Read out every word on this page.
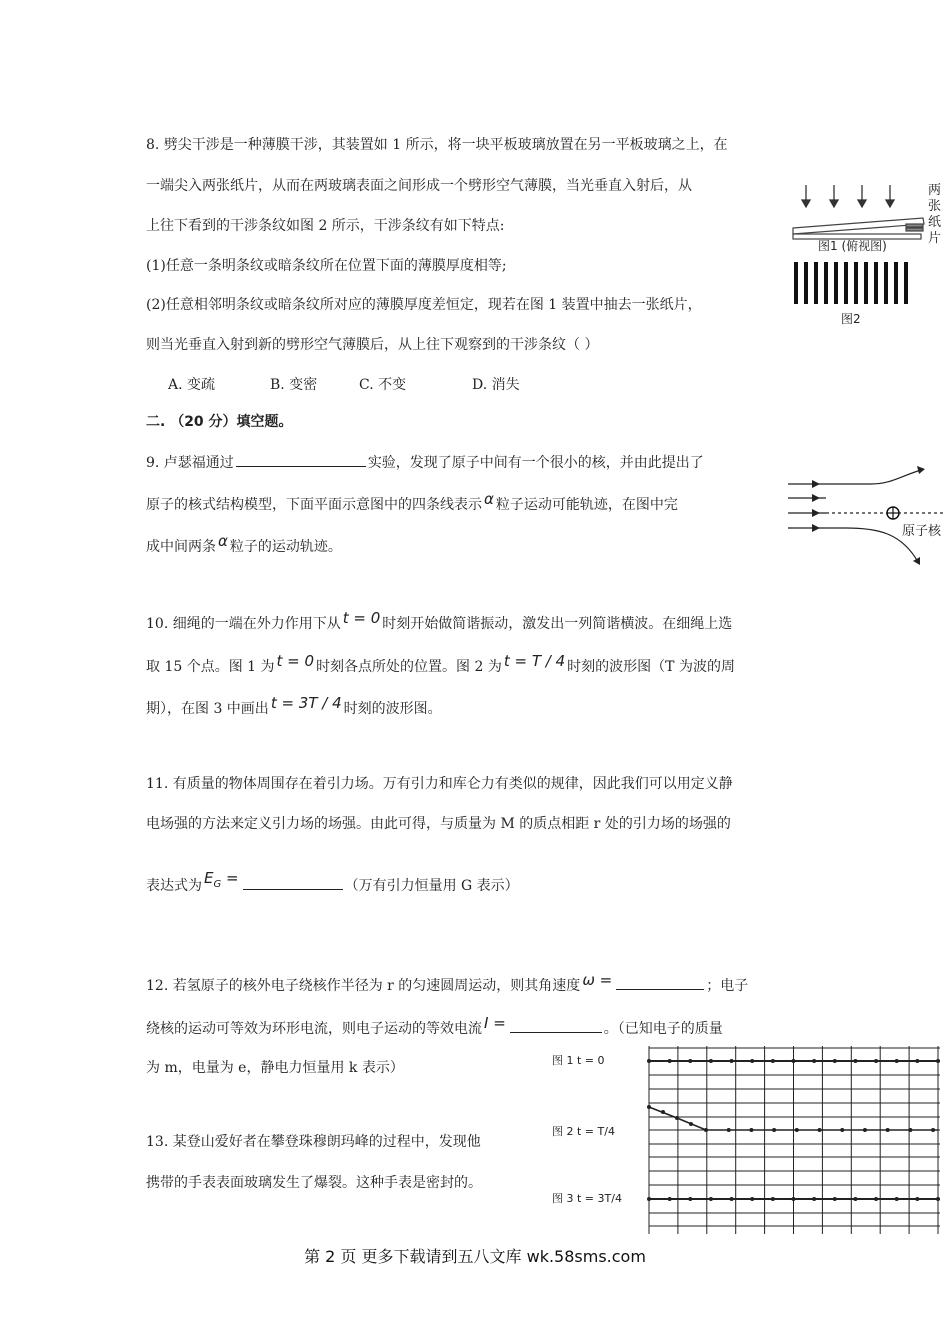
8. 劈尖干涉是一种薄膜干涉，其装置如 1 所示，将一块平板玻璃放置在另一平板玻璃之上，在
一端尖入两张纸片，从而在两玻璃表面之间形成一个劈形空气薄膜，当光垂直入射后，从
上往下看到的干涉条纹如图 2 所示，干涉条纹有如下特点:
(1)任意一条明条纹或暗条纹所在位置下面的薄膜厚度相等;
(2)任意相邻明条纹或暗条纹所对应的薄膜厚度差恒定，现若在图 1 装置中抽去一张纸片，
则当光垂直入射到新的劈形空气薄膜后，从上往下观察到的干涉条纹（ ）
A. 变疏	B. 变密	C. 不变	D. 消失
两
张
纸
片
图1 (俯视图)
图2
二. （20 分）填空题。
9. 卢瑟福通过	实验，发现了原子中间有一个很小的核，并由此提出了
原子的核式结构模型，下面平面示意图中的四条线表示 α 粒子运动可能轨迹，在图中完
成中间两条 α 粒子的运动轨迹。
原子核
10. 细绳的一端在外力作用下从 t = 0 时刻开始做简谐振动，激发出一列简谐横波。在细绳上选
取 15 个点。图 1 为 t = 0 时刻各点所处的位置。图 2 为 t = T / 4 时刻的波形图（T 为波的周
期），在图 3 中画出 t = 3T / 4 时刻的波形图。
11. 有质量的物体周围存在着引力场。万有引力和库仑力有类似的规律，因此我们可以用定义静
电场强的方法来定义引力场的场强。由此可得，与质量为 M 的质点相距 r 处的引力场的场强的
表达式为 $E_G$ =	（万有引力恒量用 G 表示）
12. 若氢原子的核外电子绕核作半径为 r 的匀速圆周运动，则其角速度 ω =	；电子
绕核的运动可等效为环形电流，则电子运动的等效电流 I =	。（已知电子的质量
为 m，电量为 e，静电力恒量用 k 表示）
13. 某登山爱好者在攀登珠穆朗玛峰的过程中，发现他
携带的手表表面玻璃发生了爆裂。这种手表是密封的。
图 1 t = 0
图 2 t = T/4
图 3 t = 3T/4
第 2 页 更多下载请到五八文库 wk.58sms.com
